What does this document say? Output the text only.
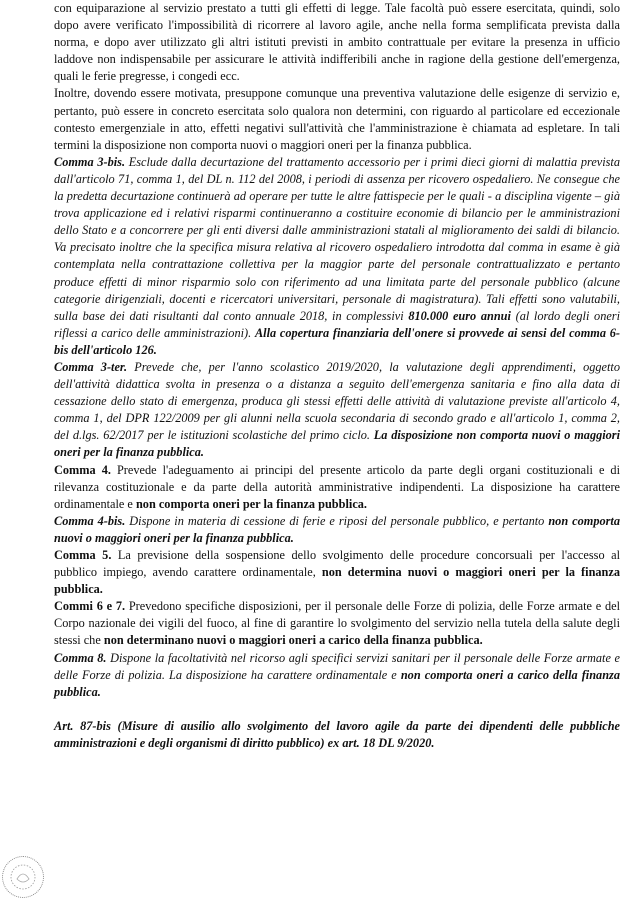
con equiparazione al servizio prestato a tutti gli effetti di legge. Tale facoltà può essere esercitata, quindi, solo dopo avere verificato l'impossibilità di ricorrere al lavoro agile, anche nella forma semplificata prevista dalla norma, e dopo aver utilizzato gli altri istituti previsti in ambito contrattuale per evitare la presenza in ufficio laddove non indispensabile per assicurare le attività indifferibili anche in ragione della gestione dell'emergenza, quali le ferie pregresse, i congedi ecc.

Inoltre, dovendo essere motivata, presuppone comunque una preventiva valutazione delle esigenze di servizio e, pertanto, può essere in concreto esercitata solo qualora non determini, con riguardo al particolare ed eccezionale contesto emergenziale in atto, effetti negativi sull'attività che l'amministrazione è chiamata ad espletare. In tali termini la disposizione non comporta nuovi o maggiori oneri per la finanza pubblica.

Comma 3-bis. Esclude dalla decurtazione del trattamento accessorio per i primi dieci giorni di malattia prevista dall'articolo 71, comma 1, del DL n. 112 del 2008, i periodi di assenza per ricovero ospedaliero. Ne consegue che la predetta decurtazione continuerà ad operare per tutte le altre fattispecie per le quali - a disciplina vigente – già trova applicazione ed i relativi risparmi continueranno a costituire economie di bilancio per le amministrazioni dello Stato e a concorrere per gli enti diversi dalle amministrazioni statali al miglioramento dei saldi di bilancio. Va precisato inoltre che la specifica misura relativa al ricovero ospedaliero introdotta dal comma in esame è già contemplata nella contrattazione collettiva per la maggior parte del personale contrattualizzato e pertanto produce effetti di minor risparmio solo con riferimento ad una limitata parte del personale pubblico (alcune categorie dirigenziali, docenti e ricercatori universitari, personale di magistratura). Tali effetti sono valutabili, sulla base dei dati risultanti dal conto annuale 2018, in complessivi 810.000 euro annui (al lordo degli oneri riflessi a carico delle amministrazioni). Alla copertura finanziaria dell'onere si provvede ai sensi del comma 6-bis dell'articolo 126.

Comma 3-ter. Prevede che, per l'anno scolastico 2019/2020, la valutazione degli apprendimenti, oggetto dell'attività didattica svolta in presenza o a distanza a seguito dell'emergenza sanitaria e fino alla data di cessazione dello stato di emergenza, produca gli stessi effetti delle attività di valutazione previste all'articolo 4, comma 1, del DPR 122/2009 per gli alunni nella scuola secondaria di secondo grado e all'articolo 1, comma 2, del d.lgs. 62/2017 per le istituzioni scolastiche del primo ciclo. La disposizione non comporta nuovi o maggiori oneri per la finanza pubblica.

Comma 4. Prevede l'adeguamento ai principi del presente articolo da parte degli organi costituzionali e di rilevanza costituzionale e da parte della autorità amministrative indipendenti. La disposizione ha carattere ordinamentale e non comporta oneri per la finanza pubblica.

Comma 4-bis. Dispone in materia di cessione di ferie e riposi del personale pubblico, e pertanto non comporta nuovi o maggiori oneri per la finanza pubblica.

Comma 5. La previsione della sospensione dello svolgimento delle procedure concorsuali per l'accesso al pubblico impiego, avendo carattere ordinamentale, non determina nuovi o maggiori oneri per la finanza pubblica.

Commi 6 e 7. Prevedono specifiche disposizioni, per il personale delle Forze di polizia, delle Forze armate e del Corpo nazionale dei vigili del fuoco, al fine di garantire lo svolgimento del servizio nella tutela della salute degli stessi che non determinano nuovi o maggiori oneri a carico della finanza pubblica.

Comma 8. Dispone la facoltatività nel ricorso agli specifici servizi sanitari per il personale delle Forze armate e delle Forze di polizia. La disposizione ha carattere ordinamentale e non comporta oneri a carico della finanza pubblica.

Art. 87-bis (Misure di ausilio allo svolgimento del lavoro agile da parte dei dipendenti delle pubbliche amministrazioni e degli organismi di diritto pubblico) ex art. 18 DL 9/2020.
